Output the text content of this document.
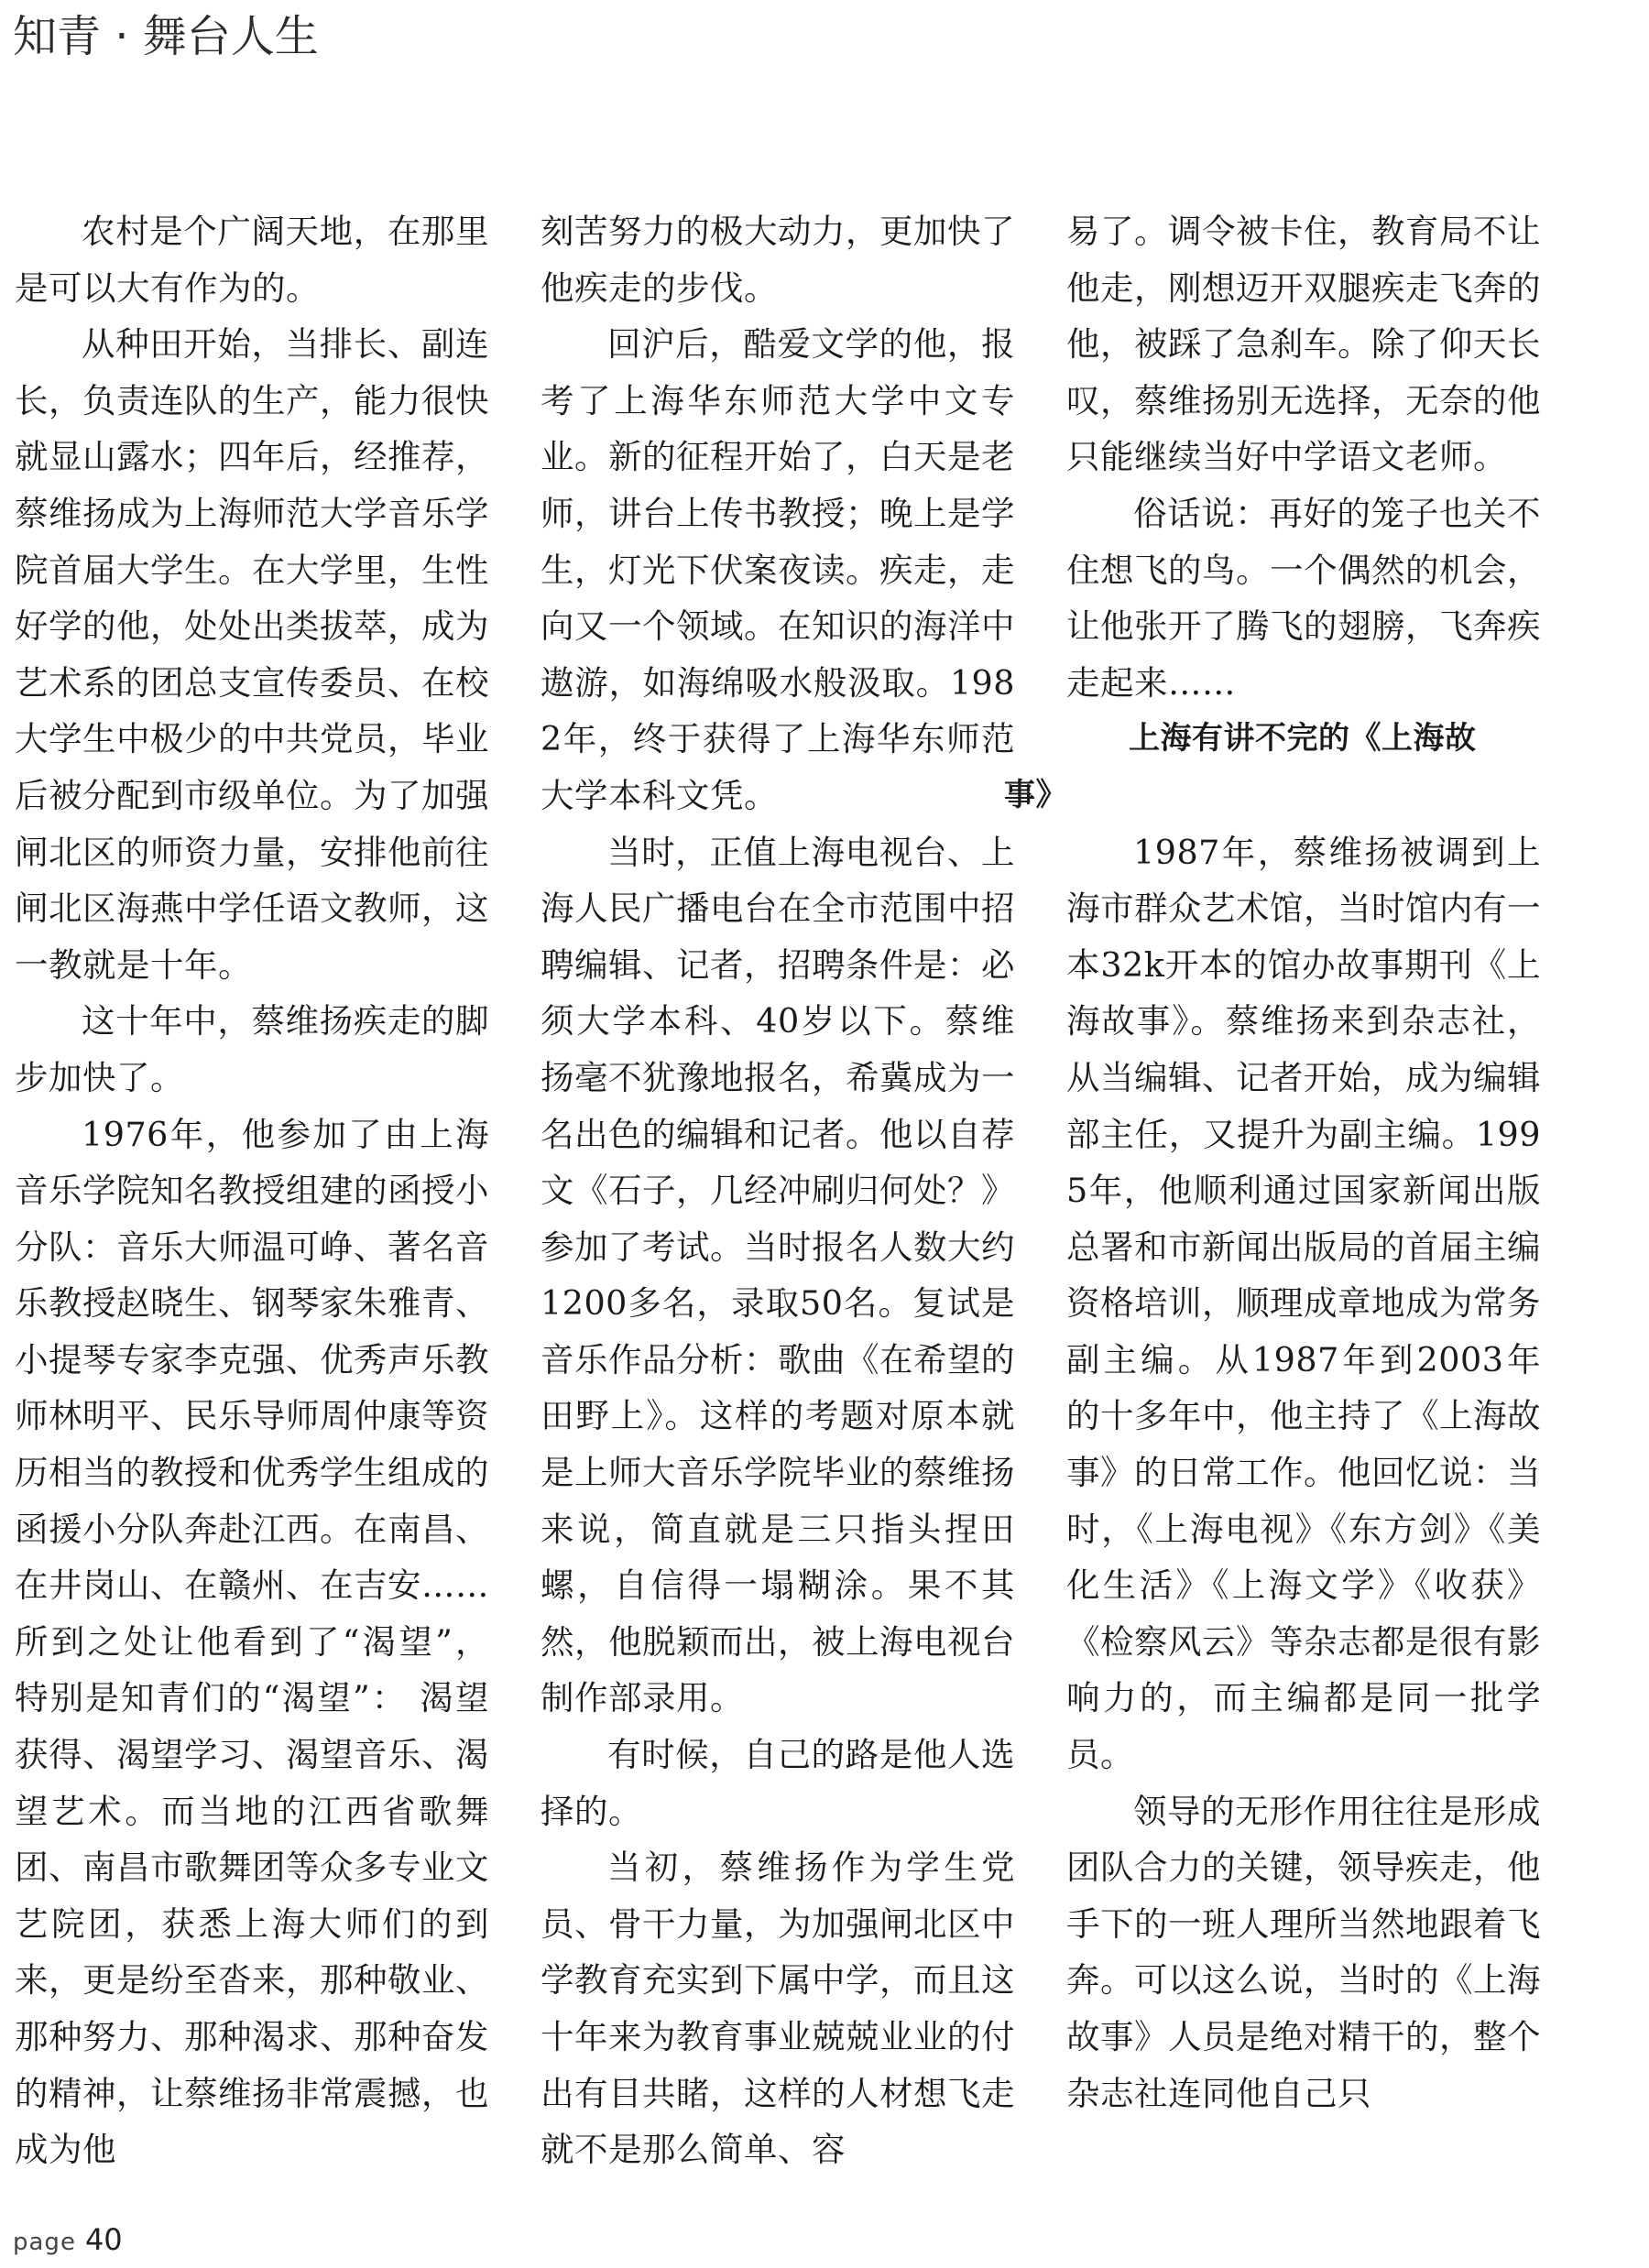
知青 · 舞台人生

农村是个广阔天地，在那里是可以大有作为的。

从种田开始，当排长、副连长，负责连队的生产，能力很快就显山露水；四年后，经推荐，蔡维扬成为上海师范大学音乐学院首届大学生。在大学里，生性好学的他，处处出类拔萃，成为艺术系的团总支宣传委员、在校大学生中极少的中共党员，毕业后被分配到市级单位。为了加强闸北区的师资力量，安排他前往闸北区海燕中学任语文教师，这一教就是十年。

这十年中，蔡维扬疾走的脚步加快了。

1976年，他参加了由上海音乐学院知名教授组建的函授小分队：音乐大师温可峥、著名音乐教授赵晓生、钢琴家朱雅青、小提琴专家李克强、优秀声乐教师林明平、民乐导师周仲康等资历相当的教授和优秀学生组成的函援小分队奔赴江西。在南昌、在井岗山、在赣州、在吉安……所到之处让他看到了“渴望”，特别是知青们的“渴望”： 渴望获得、渴望学习、渴望音乐、渴望艺术。而当地的江西省歌舞团、南昌市歌舞团等众多专业文艺院团，获悉上海大师们的到来，更是纷至沓来，那种敬业、那种努力、那种渴求、那种奋发的精神，让蔡维扬非常震撼，也成为他

刻苦努力的极大动力，更加快了他疾走的步伐。

回沪后，酷爱文学的他，报考了上海华东师范大学中文专业。新的征程开始了，白天是老师，讲台上传书教授；晚上是学生，灯光下伏案夜读。疾走，走向又一个领域。在知识的海洋中遨游，如海绵吸水般汲取。1982年，终于获得了上海华东师范大学本科文凭。

当时，正值上海电视台、上海人民广播电台在全市范围中招聘编辑、记者，招聘条件是：必须大学本科、40岁以下。蔡维扬毫不犹豫地报名，希冀成为一名出色的编辑和记者。他以自荐文《石子，几经冲刷归何处？》参加了考试。当时报名人数大约1200多名，录取50名。复试是音乐作品分析：歌曲《在希望的田野上》。这样的考题对原本就是上师大音乐学院毕业的蔡维扬来说，简直就是三只指头捏田螺，自信得一塌糊涂。果不其然，他脱颖而出，被上海电视台制作部录用。

有时候，自己的路是他人选择的。

当初，蔡维扬作为学生党员、骨干力量，为加强闸北区中学教育充实到下属中学，而且这十年来为教育事业兢兢业业的付出有目共睹，这样的人材想飞走就不是那么简单、容

易了。调令被卡住，教育局不让他走，刚想迈开双腿疾走飞奔的他，被踩了急刹车。除了仰天长叹，蔡维扬别无选择，无奈的他只能继续当好中学语文老师。

俗话说：再好的笼子也关不住想飞的鸟。一个偶然的机会，让他张开了腾飞的翅膀，飞奔疾走起来……

上海有讲不完的《上海故
事》

1987年，蔡维扬被调到上海市群众艺术馆，当时馆内有一本32k开本的馆办故事期刊《上海故事》。蔡维扬来到杂志社，从当编辑、记者开始，成为编辑部主任，又提升为副主编。1995年，他顺利通过国家新闻出版总署和市新闻出版局的首届主编资格培训，顺理成章地成为常务副主编。从1987年到2003年的十多年中，他主持了《上海故事》的日常工作。他回忆说：当时，《上海电视》《东方剑》《美化生活》《上海文学》《收获》《检察风云》等杂志都是很有影响力的，而主编都是同一批学员。

领导的无形作用往往是形成团队合力的关键，领导疾走，他手下的一班人理所当然地跟着飞奔。可以这么说，当时的《上海故事》人员是绝对精干的，整个杂志社连同他自己只

page 40
